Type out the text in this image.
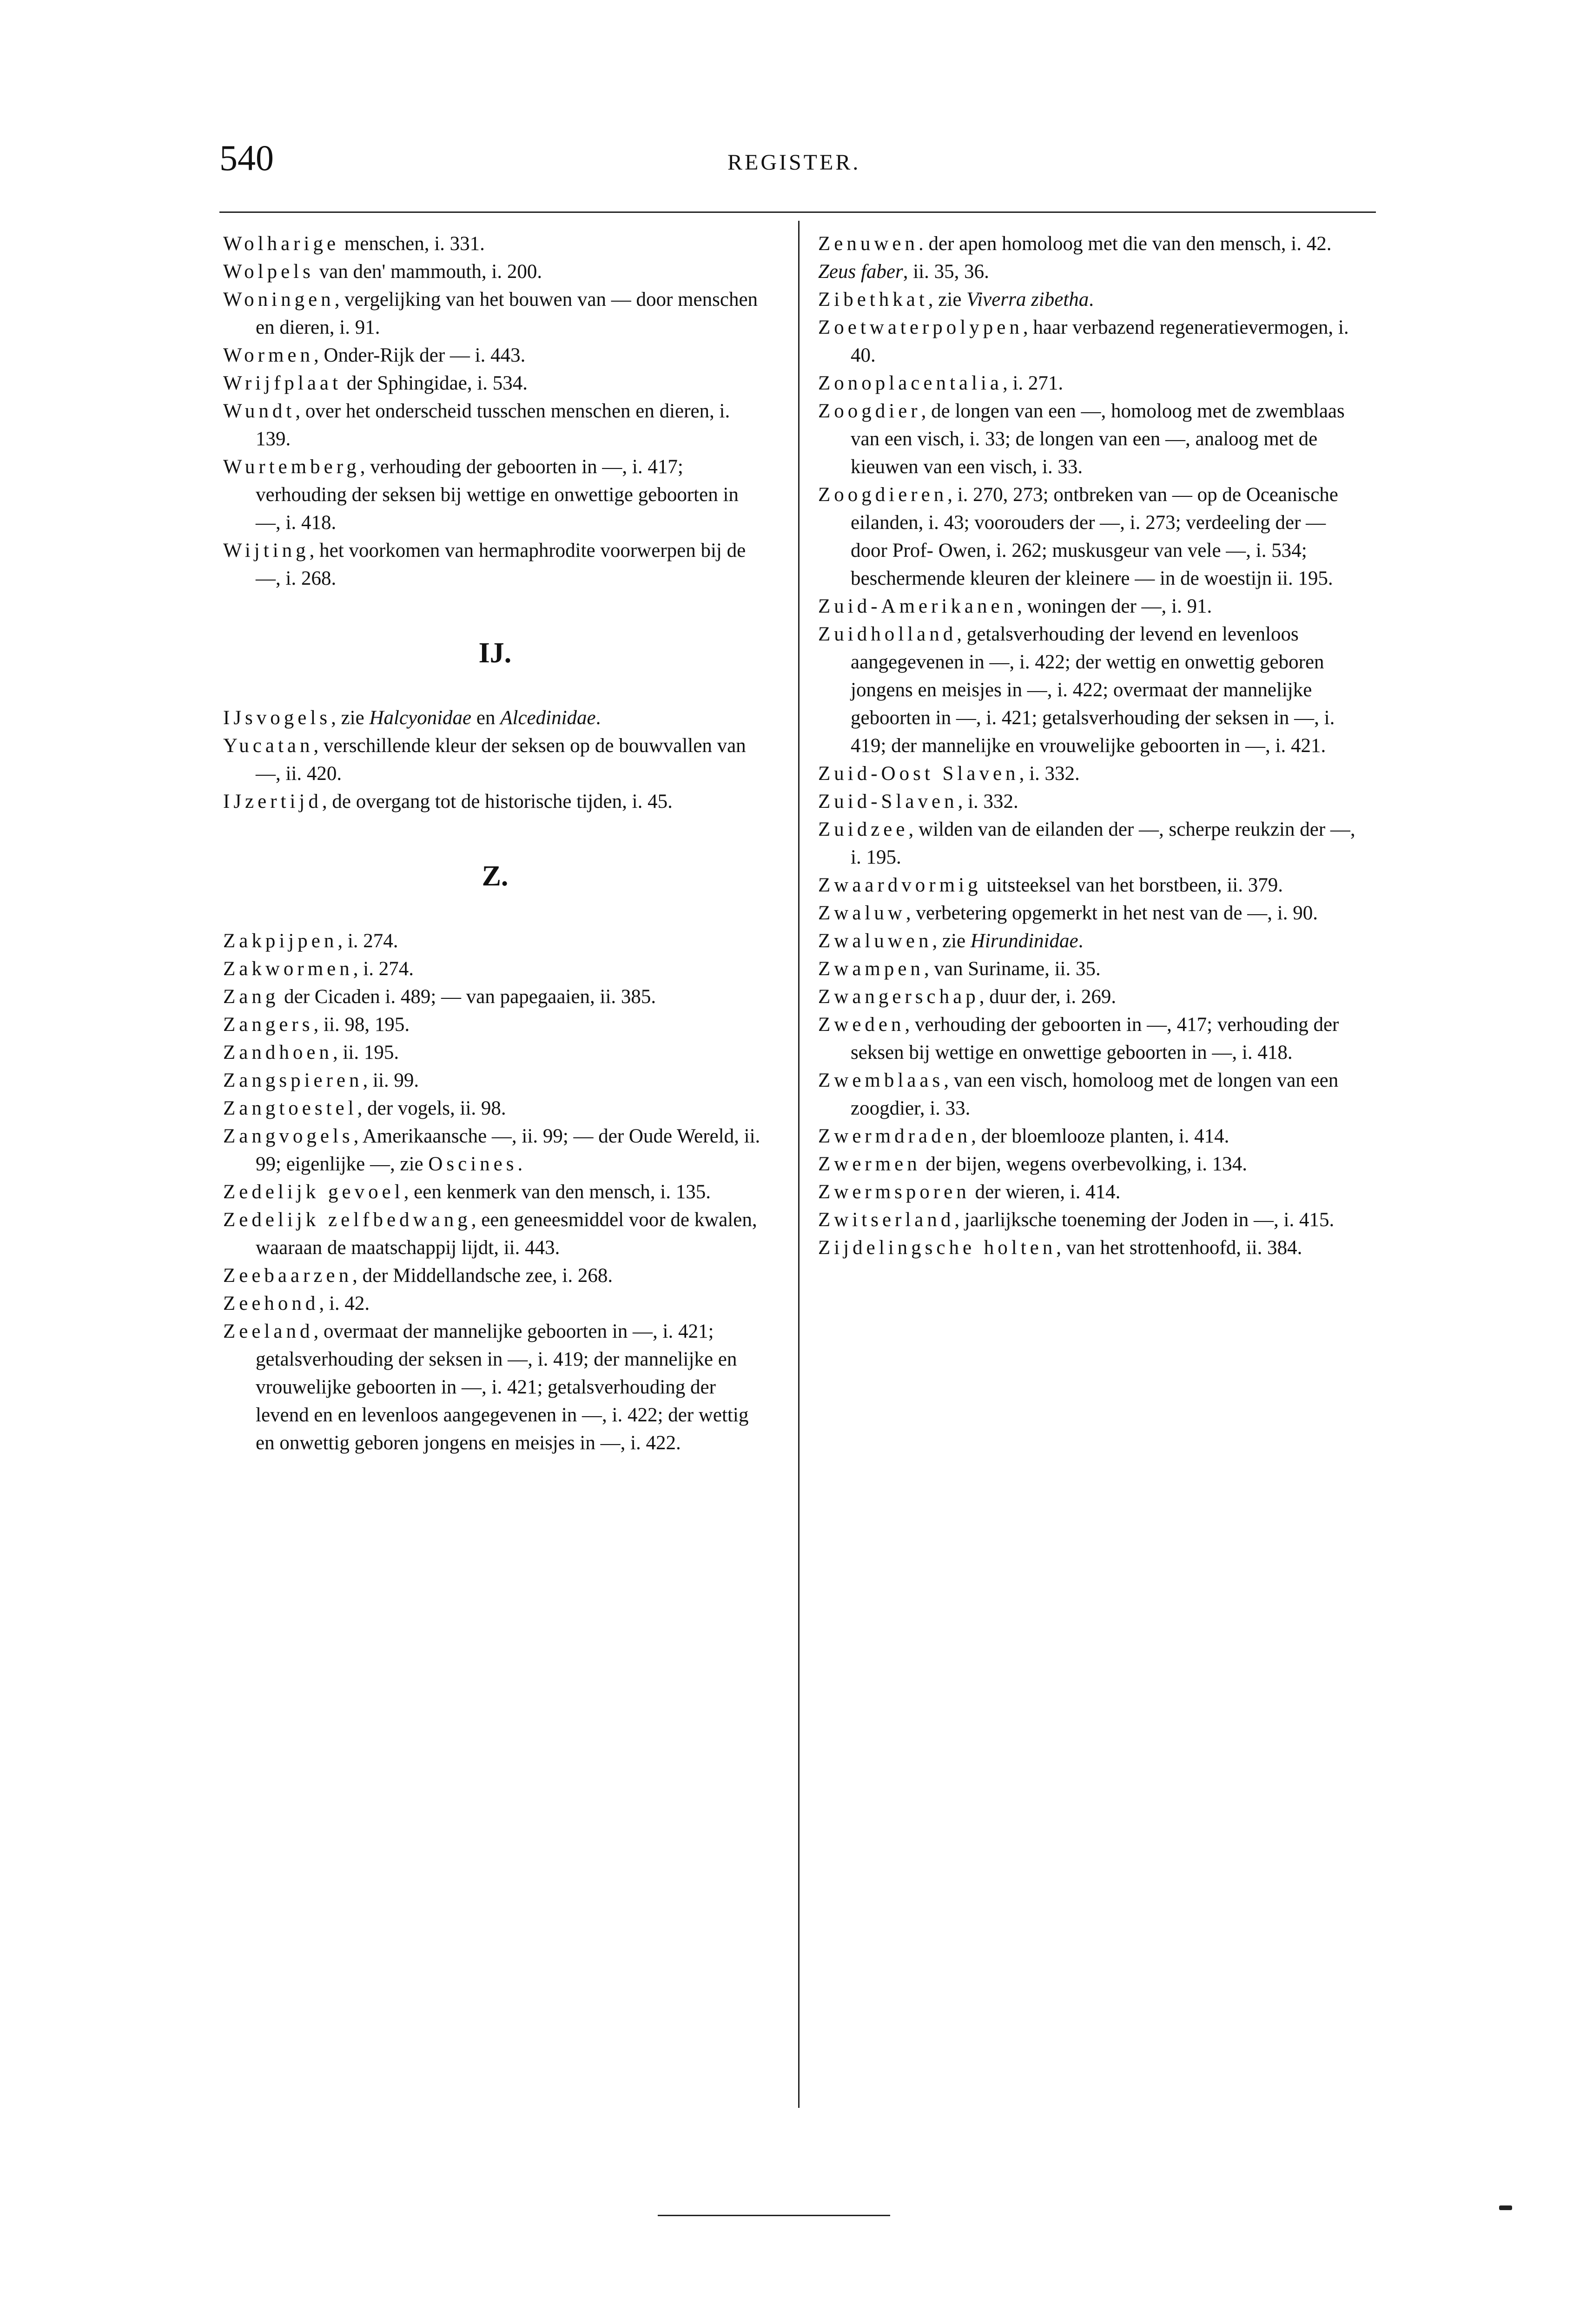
540	REGISTER.

Wolharige menschen, i. 331.

Wolpels van den' mammouth, i. 200.

Woningen, vergelijking van het bouwen van — door menschen en dieren, i. 91.

Wormen, Onder-Rijk der — i. 443.

Wrijfplaat der Sphingidae, i. 534.

Wundt, over het onderscheid tusschen menschen en dieren, i. 139.

Wurtemberg, verhouding der geboorten in —, i. 417; verhouding der seksen bij wettige en onwettige geboorten in —, i. 418.

Wijting, het voorkomen van hermaphrodite voorwerpen bij de —, i. 268.

IJ.

IJsvogels, zie Halcyonidae en Alcedinidae.

Yucatan, verschillende kleur der seksen op de bouwvallen van —, ii. 420.

IJzertijd, de overgang tot de historische tijden, i. 45.

Z.

Zakpijpen, i. 274.

Zakwormen, i. 274.

Zang der Cicaden i. 489; — van papegaaien, ii. 385.

Zangers, ii. 98, 195.

Zandhoen, ii. 195.

Zangspieren, ii. 99.

Zangtoestel, der vogels, ii. 98.

Zangvogels, Amerikaansche —, ii. 99; — der Oude Wereld, ii. 99; eigenlijke —, zie Oscines.

Zedelijk gevoel, een kenmerk van den mensch, i. 135.

Zedelijk zelfbedwang, een geneesmiddel voor de kwalen, waaraan de maatschappij lijdt, ii. 443.

Zeebaarzen, der Middellandsche zee, i. 268.

Zeehond, i. 42.

Zeeland, overmaat der mannelijke geboorten in —, i. 421; getalsverhouding der seksen in —, i. 419; der mannelijke en vrouwelijke geboorten in —, i. 421; getalsverhouding der levend en en levenloos aangegevenen in —, i. 422; der wettig en onwettig geboren jongens en meisjes in —, i. 422.

Zenuwen. der apen homoloog met die van den mensch, i. 42.

Zeus faber, ii. 35, 36.

Zibethkat, zie Viverra zibetha.

Zoetwaterpolypen, haar verbazend regeneratievermogen, i. 40.

Zonoplacentalia, i. 271.

Zoogdier, de longen van een —, homoloog met de zwemblaas van een visch, i. 33; de longen van een —, analoog met de kieuwen van een visch, i. 33.

Zoogdieren, i. 270, 273; ontbreken van — op de Oceanische eilanden, i. 43; voorouders der —, i. 273; verdeeling der — door Prof- Owen, i. 262; muskusgeur van vele —, i. 534; beschermende kleuren der kleinere — in de woestijn ii. 195.

Zuid-Amerikanen, woningen der —, i. 91.

Zuidholland, getalsverhouding der levend en levenloos aangegevenen in —, i. 422; der wettig en onwettig geboren jongens en meisjes in —, i. 422; overmaat der mannelijke geboorten in —, i. 421; getalsverhouding der seksen in —, i. 419; der mannelijke en vrouwelijke geboorten in —, i. 421.

Zuid-Oost Slaven, i. 332.

Zuid-Slaven, i. 332.

Zuidzee, wilden van de eilanden der —, scherpe reukzin der —, i. 195.

Zwaardvormig uitsteeksel van het borstbeen, ii. 379.

Zwaluw, verbetering opgemerkt in het nest van de —, i. 90.

Zwaluwen, zie Hirundinidae.

Zwampen, van Suriname, ii. 35.

Zwangerschap, duur der, i. 269.

Zweden, verhouding der geboorten in —, 417; verhouding der seksen bij wettige en onwettige geboorten in —, i. 418.

Zwemblaas, van een visch, homoloog met de longen van een zoogdier, i. 33.

Zwermdraden, der bloemlooze planten, i. 414.

Zwermen der bijen, wegens overbevolking, i. 134.

Zwermsporen der wieren, i. 414.

Zwitserland, jaarlijksche toeneming der Joden in —, i. 415.

Zijdelingsche holten, van het strottenhoofd, ii. 384.
